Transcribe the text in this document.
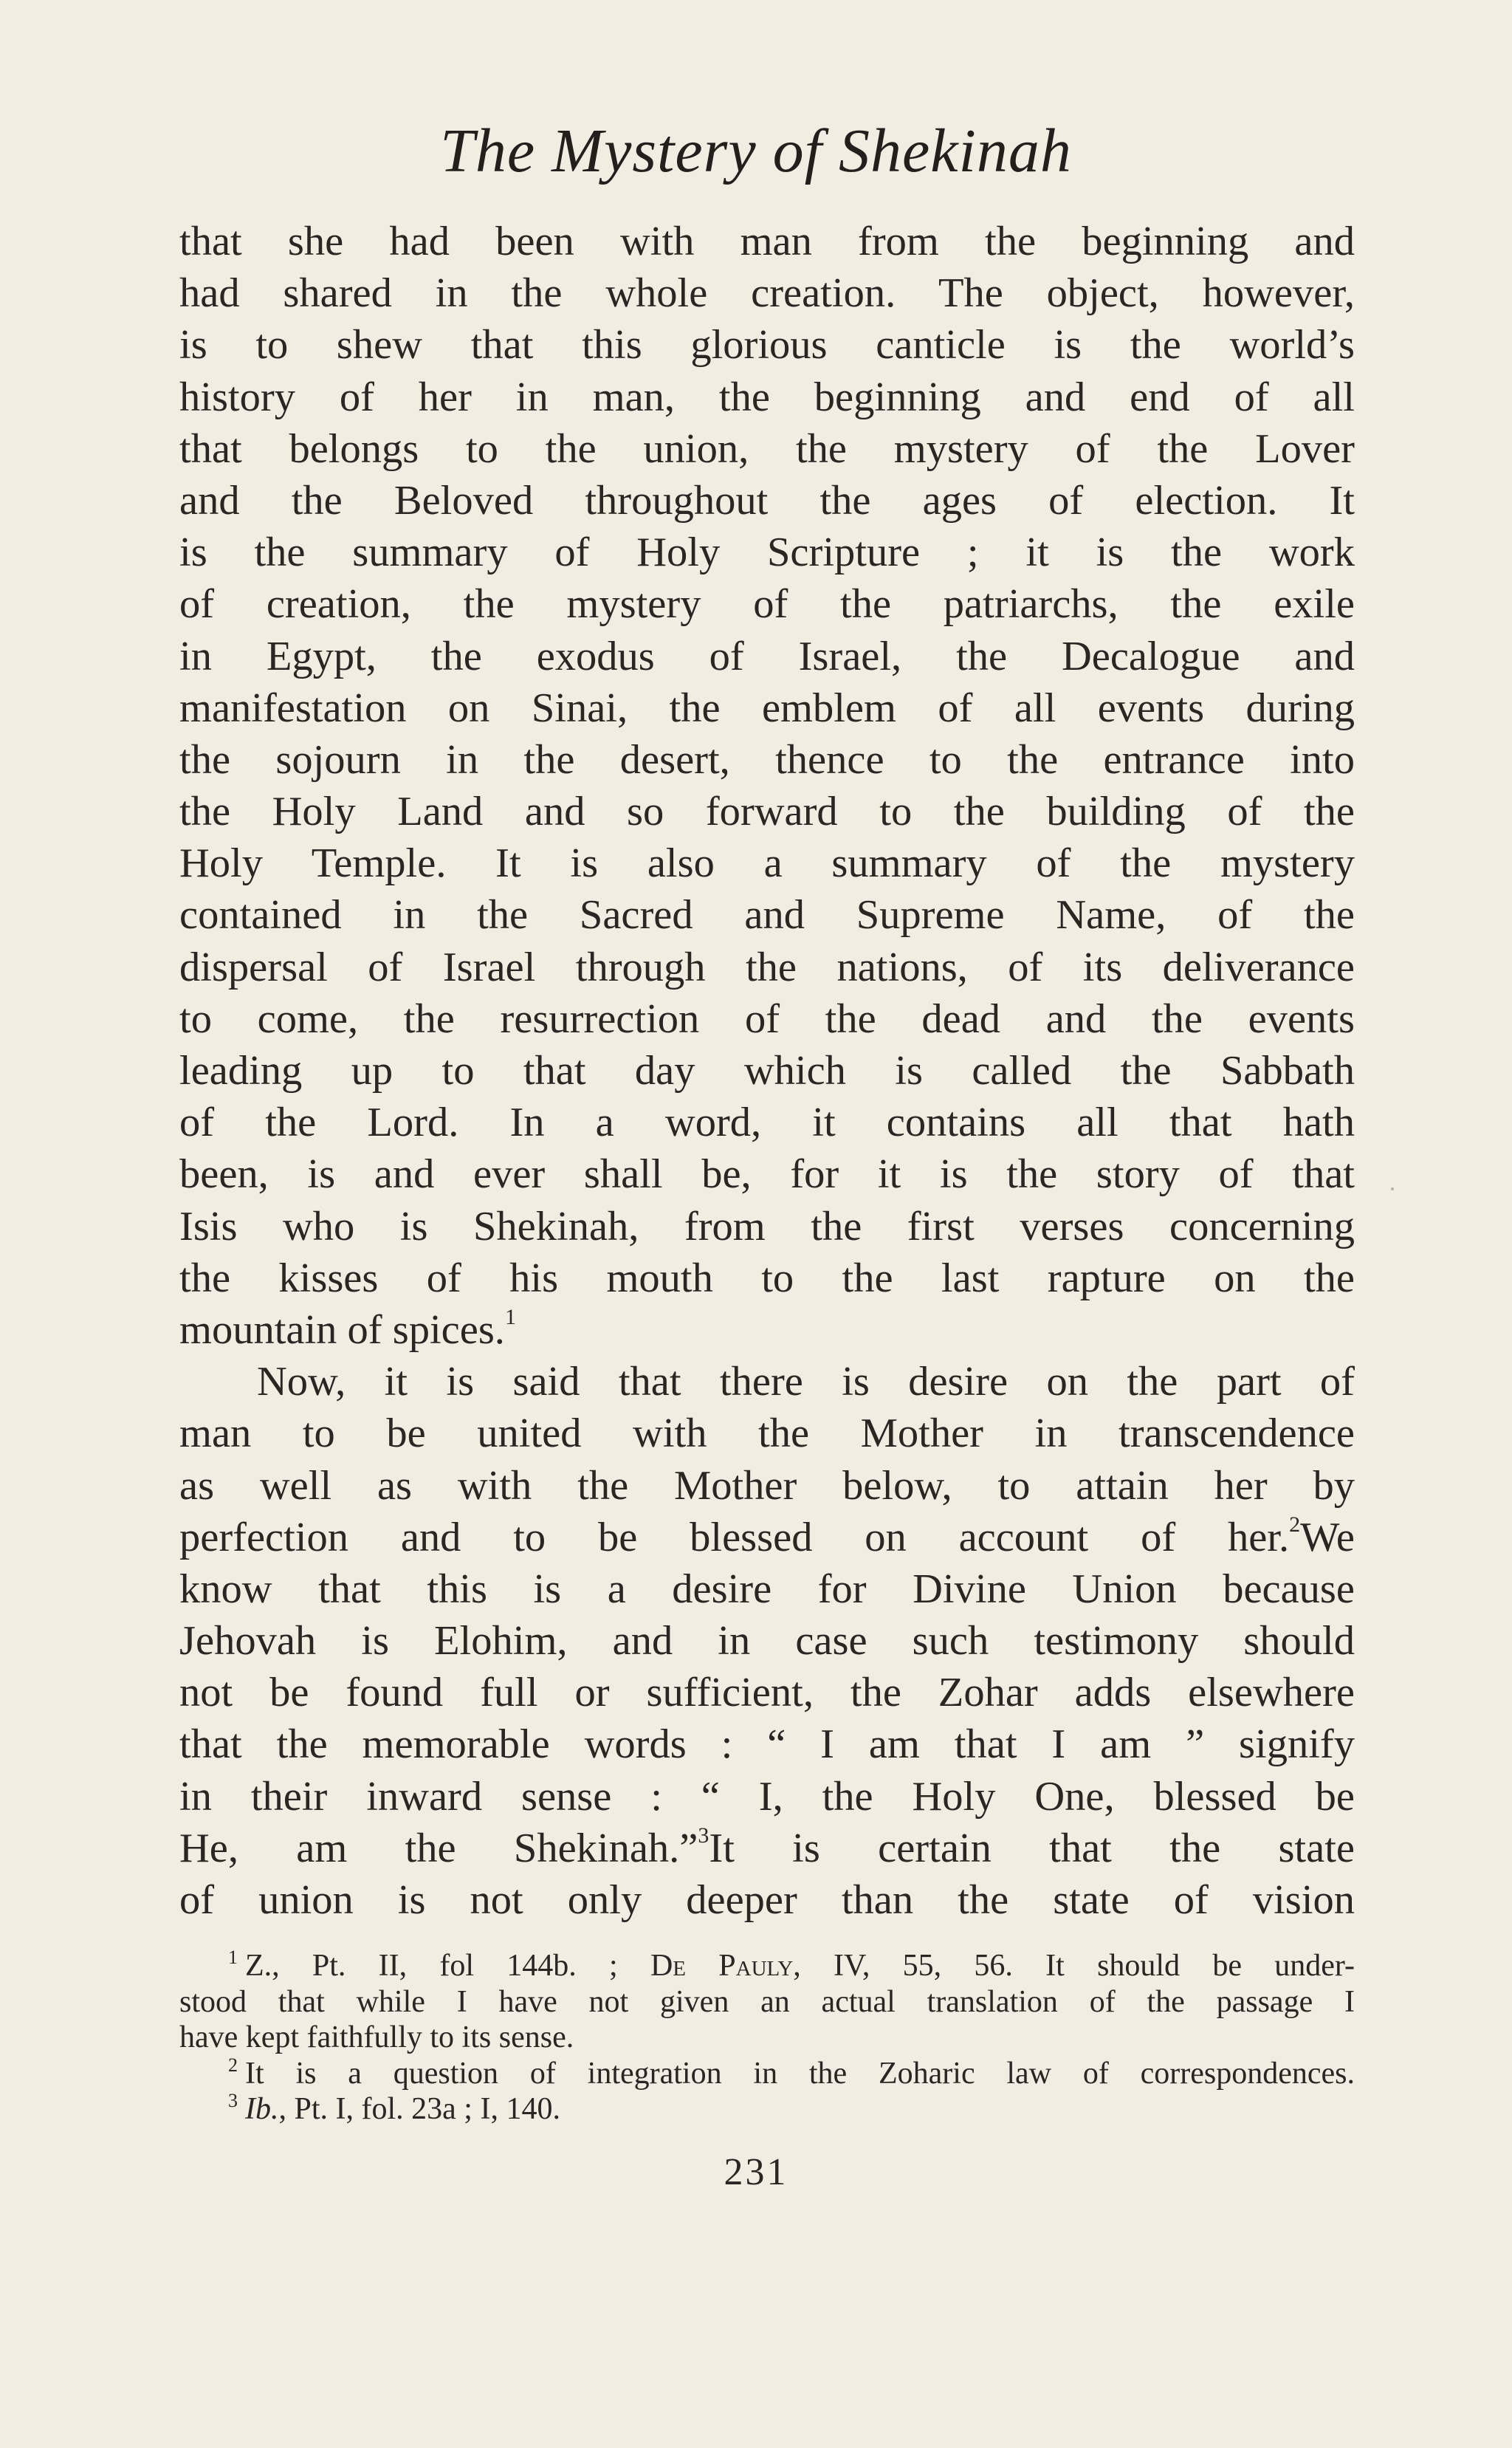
The Mystery of Shekinah
that she had been with man from the beginning and
had shared in the whole creation. The object, however,
is to shew that this glorious canticle is the world’s
history of her in man, the beginning and end of all
that belongs to the union, the mystery of the Lover
and the Beloved throughout the ages of election. It
is the summary of Holy Scripture ; it is the work
of creation, the mystery of the patriarchs, the exile
in Egypt, the exodus of Israel, the Decalogue and
manifestation on Sinai, the emblem of all events during
the sojourn in the desert, thence to the entrance into
the Holy Land and so forward to the building of the
Holy Temple. It is also a summary of the mystery
contained in the Sacred and Supreme Name, of the
dispersal of Israel through the nations, of its deliverance
to come, the resurrection of the dead and the events
leading up to that day which is called the Sabbath
of the Lord. In a word, it contains all that hath
been, is and ever shall be, for it is the story of that
Isis who is Shekinah, from the first verses concerning
the kisses of his mouth to the last rapture on the
mountain of spices.$^1$
Now, it is said that there is desire on the part of
man to be united with the Mother in transcendence
as well as with the Mother below, to attain her by
perfection and to be blessed on account of her.$^2$We
know that this is a desire for Divine Union because
Jehovah is Elohim, and in case such testimony should
not be found full or sufficient, the Zohar adds elsewhere
that the memorable words : “ I am that I am ” signify
in their inward sense : “ I, the Holy One, blessed be
He, am the Shekinah.”$^3$It is certain that the state
of union is not only deeper than the state of vision
$^1$ Z., Pt. II, fol 144b. ; De Pauly, IV, 55, 56. It should be under-
stood that while I have not given an actual translation of the passage I
have kept faithfully to its sense.
$^2$ It is a question of integration in the Zoharic law of correspondences.
$^3$ Ib., Pt. I, fol. 23a ; I, 140.
231
